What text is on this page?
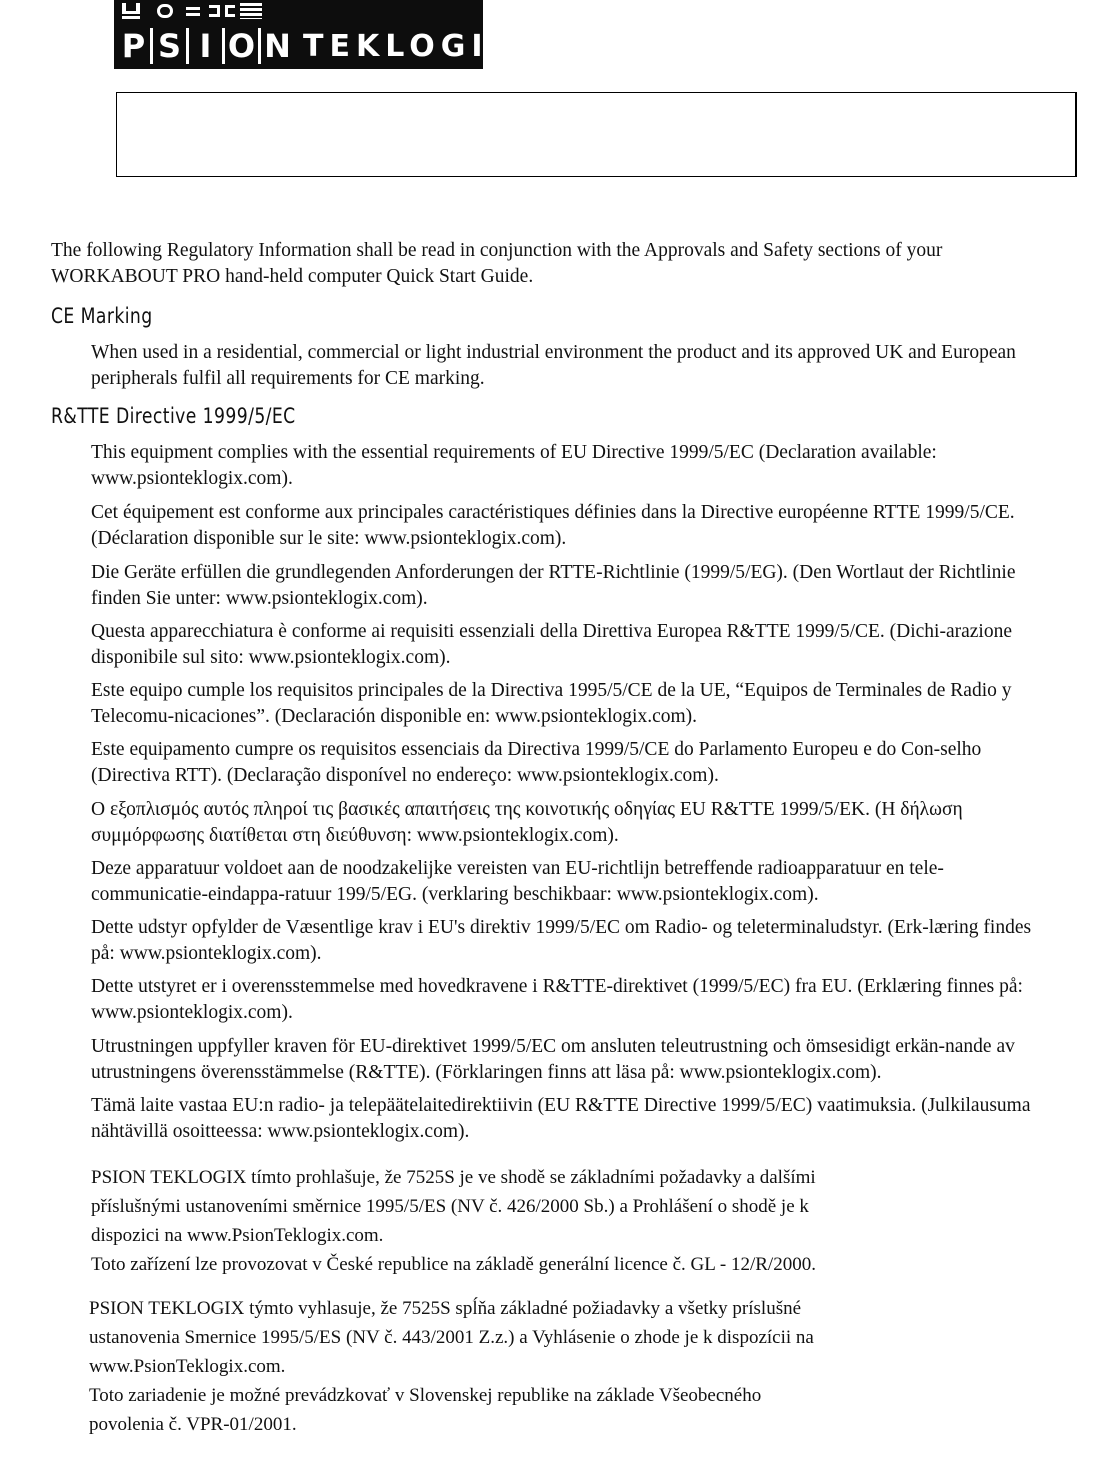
P S I O N TEKLOGIX

The following Regulatory Information shall be read in conjunction with the Approvals and Safety sections of your WORKABOUT PRO hand-held computer Quick Start Guide.

CE Marking

When used in a residential, commercial or light industrial environment the product and its approved UK and European peripherals fulfil all requirements for CE marking.

R&TTE Directive 1999/5/EC

This equipment complies with the essential requirements of EU Directive 1999/5/EC (Declaration available: www.psionteklogix.com).

Cet équipement est conforme aux principales caractéristiques définies dans la Directive européenne RTTE 1999/5/CE. (Déclaration disponible sur le site: www.psionteklogix.com).

Die Geräte erfüllen die grundlegenden Anforderungen der RTTE-Richtlinie (1999/5/EG). (Den Wortlaut der Richtlinie finden Sie unter: www.psionteklogix.com).

Questa apparecchiatura è conforme ai requisiti essenziali della Direttiva Europea R&TTE 1999/5/CE. (Dichi-arazione disponibile sul sito: www.psionteklogix.com).

Este equipo cumple los requisitos principales de la Directiva 1995/5/CE de la UE, “Equipos de Terminales de Radio y Telecomu-nicaciones”. (Declaración disponible en: www.psionteklogix.com).

Este equipamento cumpre os requisitos essenciais da Directiva 1999/5/CE do Parlamento Europeu e do Con-selho (Directiva RTT). (Declaração disponível no endereço: www.psionteklogix.com).

Ο εξοπλισμός αυτός πληροί τις βασικές απαιτήσεις της κοινοτικής οδηγίας EU R&TTE 1999/5/EK. (Η δήλωση συμμόρφωσης διατίθεται στη διεύθυνση: www.psionteklogix.com).

Deze apparatuur voldoet aan de noodzakelijke vereisten van EU-richtlijn betreffende radioapparatuur en tele-communicatie-eindappa-ratuur 199/5/EG. (verklaring beschikbaar: www.psionteklogix.com).

Dette udstyr opfylder de Væsentlige krav i EU's direktiv 1999/5/EC om Radio- og teleterminaludstyr. (Erk-læring findes på: www.psionteklogix.com).

Dette utstyret er i overensstemmelse med hovedkravene i R&TTE-direktivet (1999/5/EC) fra EU. (Erklæring finnes på: www.psionteklogix.com).

Utrustningen uppfyller kraven för EU-direktivet 1999/5/EC om ansluten teleutrustning och ömsesidigt erkän-nande av utrustningens överensstämmelse (R&TTE). (Förklaringen finns att läsa på: www.psionteklogix.com).

Tämä laite vastaa EU:n radio- ja telepäätelaitedirektiivin (EU R&TTE Directive 1999/5/EC) vaatimuksia. (Julkilausuma nähtävillä osoitteessa: www.psionteklogix.com).

PSION TEKLOGIX tímto prohlašuje, že 7525S je ve shodě se základními požadavky a dalšími
příslušnými ustanoveními směrnice 1995/5/ES (NV č. 426/2000 Sb.) a Prohlášení o shodě je k
dispozici na www.PsionTeklogix.com.
Toto zařízení lze provozovat v České republice na základě generální licence č. GL - 12/R/2000.

PSION TEKLOGIX týmto vyhlasuje, že 7525S spĺňa základné požiadavky a všetky príslušné
ustanovenia Smernice 1995/5/ES (NV č. 443/2001 Z.z.) a Vyhlásenie o zhode je k dispozícii na
www.PsionTeklogix.com.
Toto zariadenie je možné prevádzkovať v Slovenskej republike na základe Všeobecného
povolenia č. VPR-01/2001.
